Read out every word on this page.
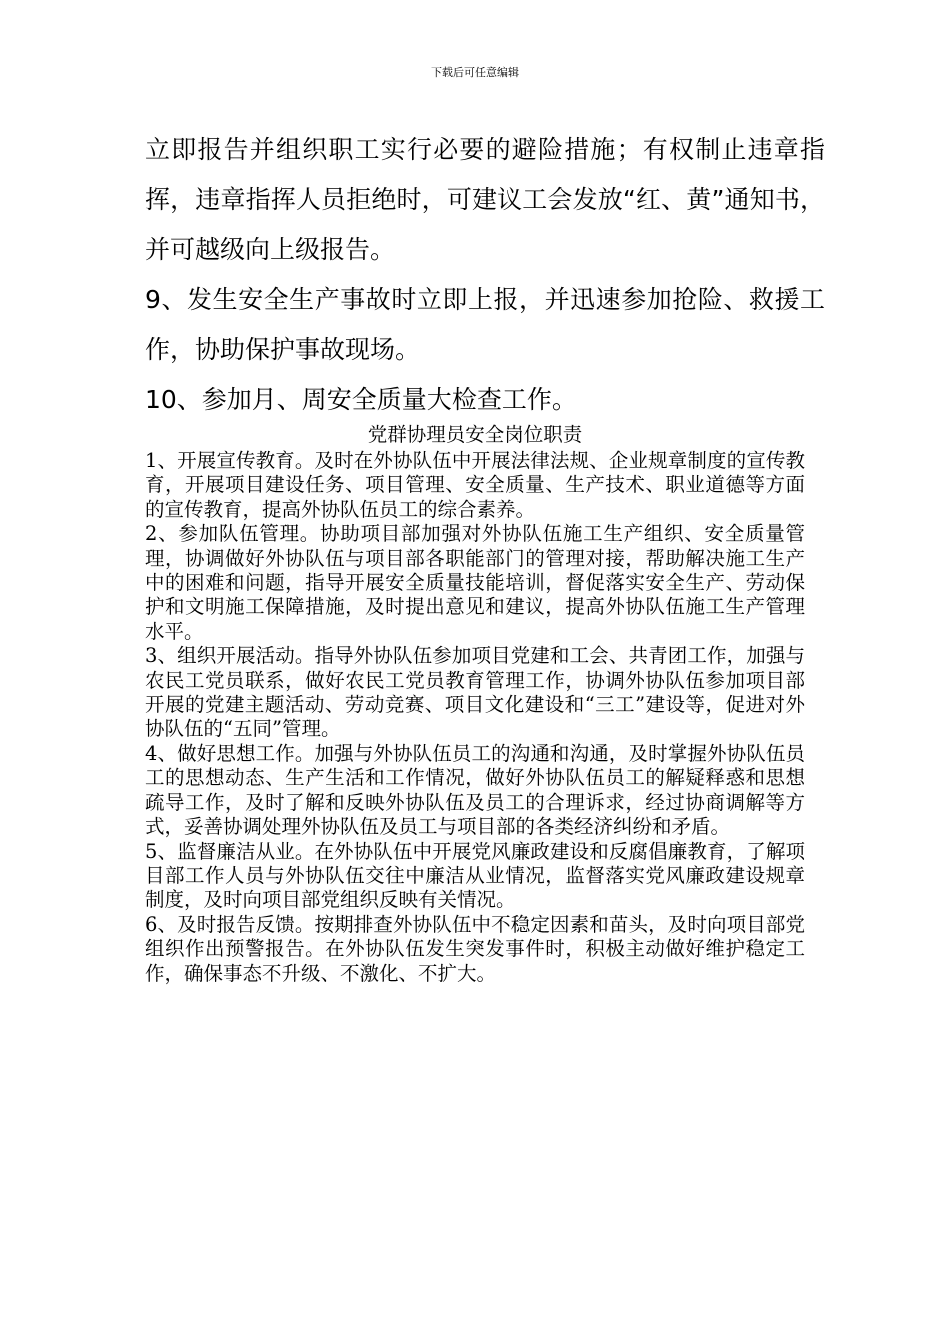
下载后可任意编辑

立即报告并组织职工实行必要的避险措施；有权制止违章指挥，违章指挥人员拒绝时，可建议工会发放“红、黄”通知书，并可越级向上级报告。

9、发生安全生产事故时立即上报，并迅速参加抢险、救援工作，协助保护事故现场。

10、参加月、周安全质量大检查工作。

党群协理员安全岗位职责

1、开展宣传教育。及时在外协队伍中开展法律法规、企业规章制度的宣传教育，开展项目建设任务、项目管理、安全质量、生产技术、职业道德等方面的宣传教育，提高外协队伍员工的综合素养。

2、参加队伍管理。协助项目部加强对外协队伍施工生产组织、安全质量管理，协调做好外协队伍与项目部各职能部门的管理对接，帮助解决施工生产中的困难和问题，指导开展安全质量技能培训，督促落实安全生产、劳动保护和文明施工保障措施，及时提出意见和建议，提高外协队伍施工生产管理水平。

3、组织开展活动。指导外协队伍参加项目党建和工会、共青团工作，加强与农民工党员联系，做好农民工党员教育管理工作，协调外协队伍参加项目部开展的党建主题活动、劳动竞赛、项目文化建设和“三工”建设等，促进对外协队伍的“五同”管理。

4、做好思想工作。加强与外协队伍员工的沟通和沟通，及时掌握外协队伍员工的思想动态、生产生活和工作情况，做好外协队伍员工的解疑释惑和思想疏导工作，及时了解和反映外协队伍及员工的合理诉求，经过协商调解等方式，妥善协调处理外协队伍及员工与项目部的各类经济纠纷和矛盾。

5、监督廉洁从业。在外协队伍中开展党风廉政建设和反腐倡廉教育，了解项目部工作人员与外协队伍交往中廉洁从业情况，监督落实党风廉政建设规章制度，及时向项目部党组织反映有关情况。

6、及时报告反馈。按期排查外协队伍中不稳定因素和苗头，及时向项目部党组织作出预警报告。在外协队伍发生突发事件时，积极主动做好维护稳定工作，确保事态不升级、不激化、不扩大。
